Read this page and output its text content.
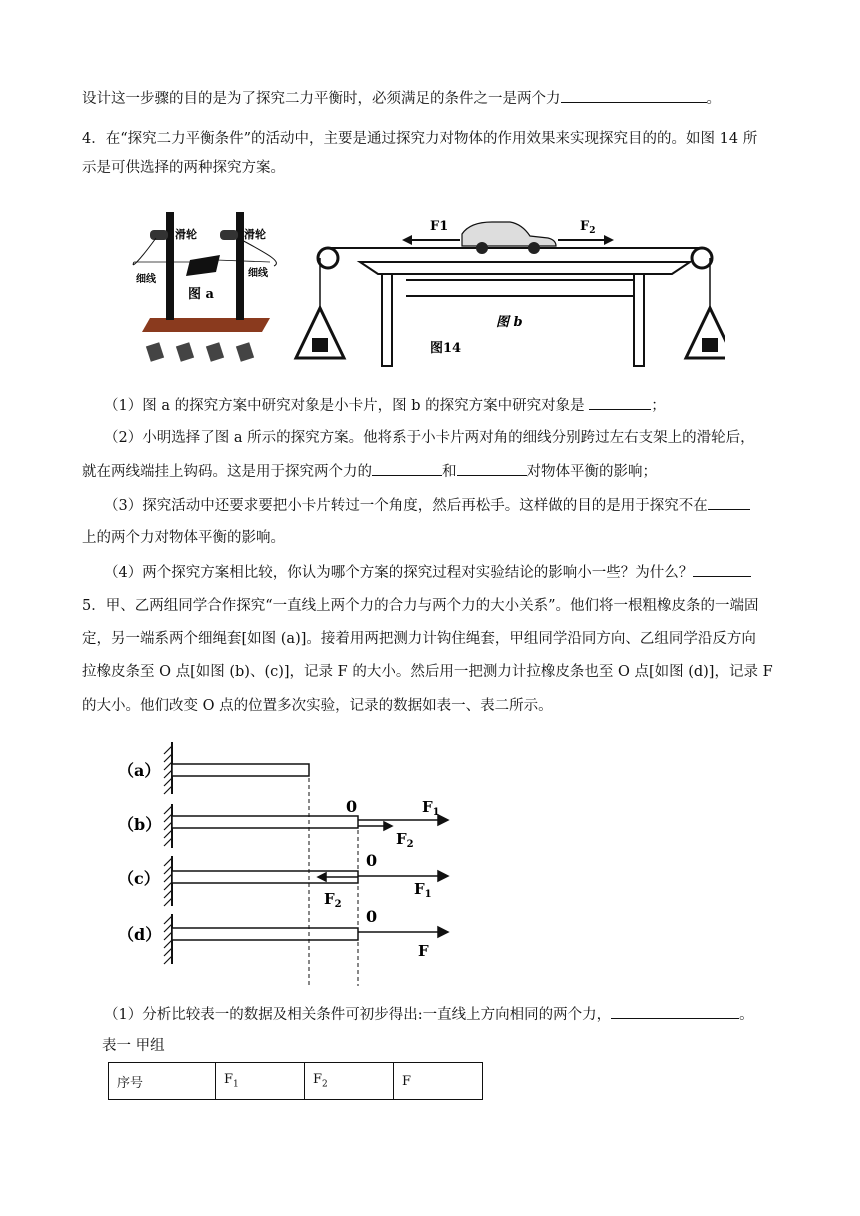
设计这一步骤的目的是为了探究二力平衡时，必须满足的条件之一是两个力	。
4．在“探究二力平衡条件”的活动中，主要是通过探究力对物体的作用效果来实现探究目的的。如图 14 所
示是可供选择的两种探究方案。
滑轮	滑轮
细线
细线
图 a
F1	$F_2$
图 b
图14
（1）图 a 的探究方案中研究对象是小卡片，图 b 的探究方案中研究对象是	；
（2）小明选择了图 a 所示的探究方案。他将系于小卡片两对角的细线分别跨过左右支架上的滑轮后，
就在两线端挂上钩码。这是用于探究两个力的	和	对物体平衡的影响；
（3）探究活动中还要求要把小卡片转过一个角度，然后再松手。这样做的目的是用于探究不在
上的两个力对物体平衡的影响。
（4）两个探究方案相比较，你认为哪个方案的探究过程对实验结论的影响小一些？为什么？
5．甲、乙两组同学合作探究“一直线上两个力的合力与两个力的大小关系”。他们将一根粗橡皮条的一端固
定，另一端系两个细绳套[如图 (a)]。接着用两把测力计钩住绳套，甲组同学沿同方向、乙组同学沿反方向
拉橡皮条至 O 点[如图 (b)、(c)]，记录 F 的大小。然后用一把测力计拉橡皮条也至 O 点[如图 (d)]，记录 F
的大小。他们改变 O 点的位置多次实验，记录的数据如表一、表二所示。
（a）
（b）
（c）
（d）
0
0
0
$F_1$
$F_2$
$F_1$
$F_2$
F
（1）分析比较表一的数据及相关条件可初步得出:一直线上方向相同的两个力，	。
表一 甲组
序号	$F_1$	$F_2$	F
